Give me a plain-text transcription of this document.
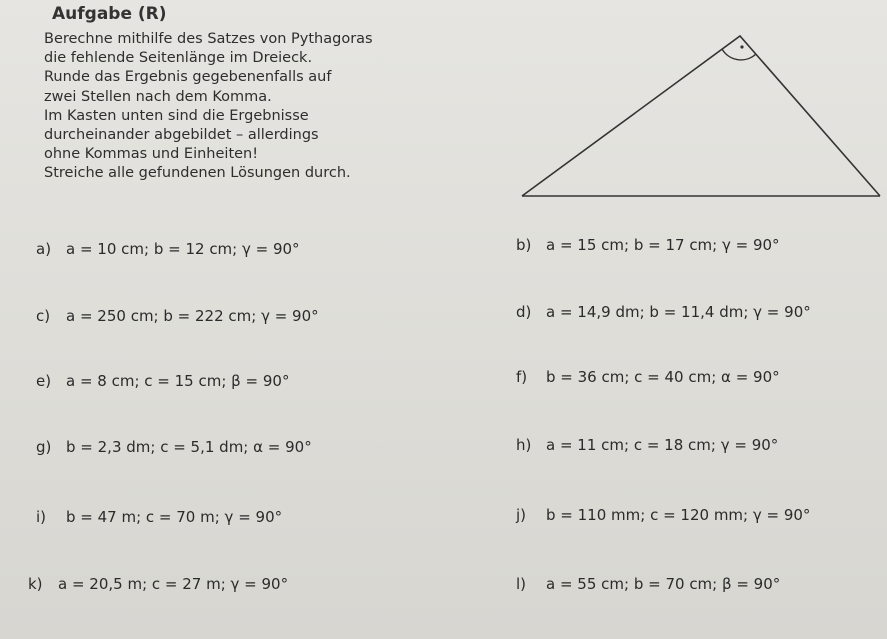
Aufgabe (R)
Berechne mithilfe des Satzes von Pythagoras
die fehlende Seitenlänge im Dreieck.
Runde das Ergebnis gegebenenfalls auf
zwei Stellen nach dem Komma.
Im Kasten unten sind die Ergebnisse
durcheinander abgebildet – allerdings
ohne Kommas und Einheiten!
Streiche alle gefundenen Lösungen durch.
a) a = 10 cm; b = 12 cm; γ = 90°
c) a = 250 cm; b = 222 cm; γ = 90°
e) a = 8 cm; c = 15 cm; β = 90°
g) b = 2,3 dm; c = 5,1 dm; α = 90°
i) b = 47 m; c = 70 m; γ = 90°
k) a = 20,5 m; c = 27 m; γ = 90°
b) a = 15 cm; b = 17 cm; γ = 90°
d) a = 14,9 dm; b = 11,4 dm; γ = 90°
f) b = 36 cm; c = 40 cm; α = 90°
h) a = 11 cm; c = 18 cm; γ = 90°
j) b = 110 mm; c = 120 mm; γ = 90°
l) a = 55 cm; b = 70 cm; β = 90°
